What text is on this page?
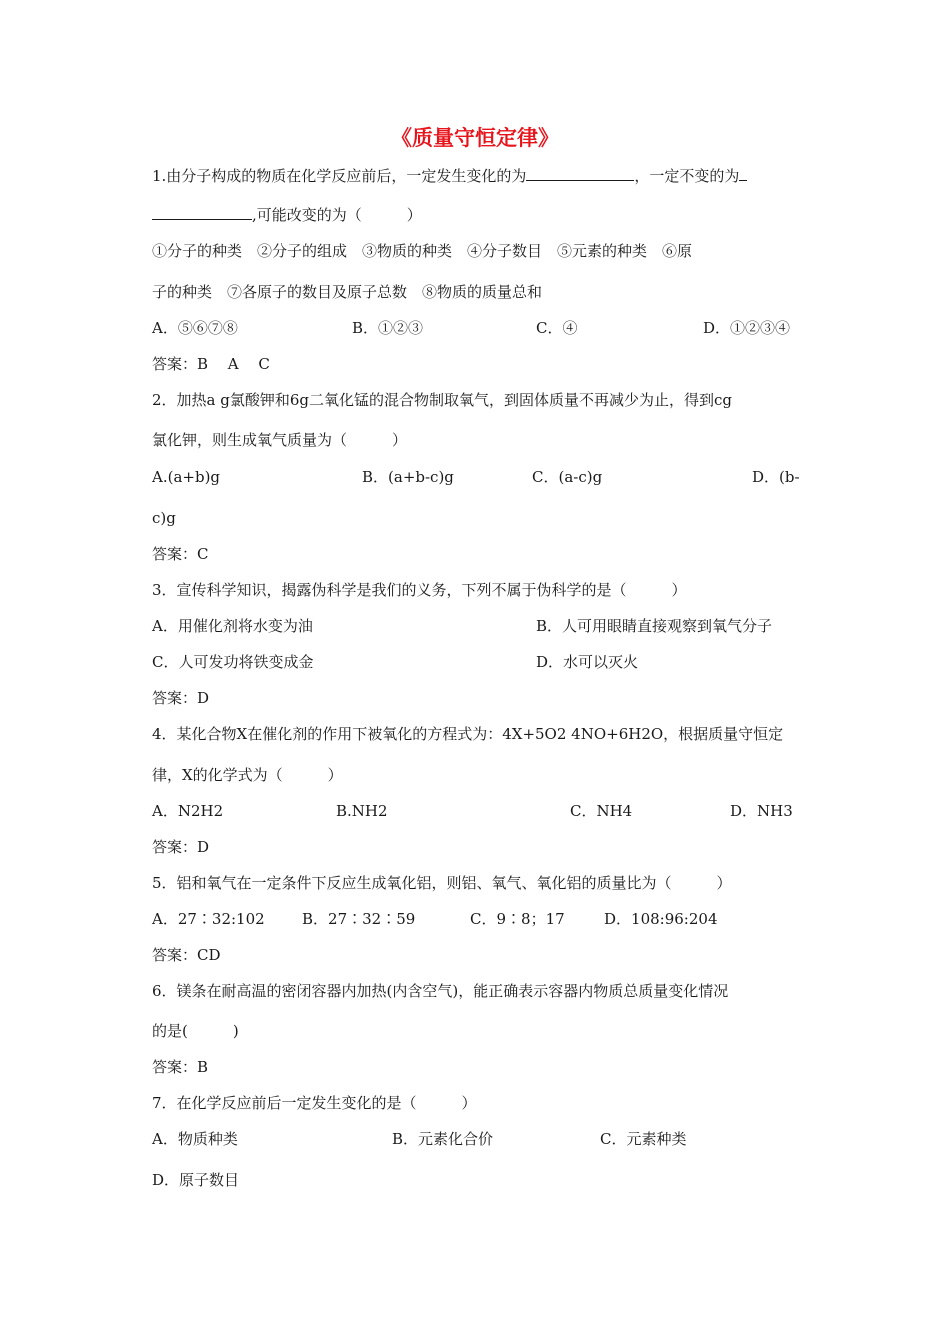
《质量守恒定律》
1.由分子构成的物质在化学反应前后，一定发生变化的为	，一定不变的为
,可能改变的为（　　　）
①分子的种类　②分子的组成　③物质的种类　④分子数目　⑤元素的种类　⑥原
子的种类　⑦各原子的数目及原子总数　⑧物质的质量总和
A．⑤⑥⑦⑧	B．①②③	C．④	D．①②③④
答案：B　 A　 C
2．加热a g氯酸钾和6g二氧化锰的混合物制取氧气，到固体质量不再减少为止，得到cg
氯化钾，则生成氧气质量为（　　　）
A.(a+b)g	B．(a+b-c)g	C．(a-c)g	D．(b-
c)g
答案：C
3．宣传科学知识，揭露伪科学是我们的义务，下列不属于伪科学的是（　　　）
A．用催化剂将水变为油	B．人可用眼睛直接观察到氧气分子
C．人可发功将铁变成金	D．水可以灭火
答案：D
4．某化合物X在催化剂的作用下被氧化的方程式为：4X+5O2 4NO+6H2O，根据质量守恒定
律，X的化学式为（　　　）
A．N2H2	B.NH2	C．NH4	D．NH3
答案：D
5．铝和氧气在一定条件下反应生成氧化铝，则铝、氧气、氧化铝的质量比为（　　　）
A．27∶32:102 B．27∶32∶59	C．9∶8；17	D．108:96:204
答案：CD
6．镁条在耐高温的密闭容器内加热(内含空气)，能正确表示容器内物质总质量变化情况
的是(　　　)
答案：B
7．在化学反应前后一定发生变化的是（　　　）
A．物质种类	B．元素化合价	C．元素种类
D．原子数目
